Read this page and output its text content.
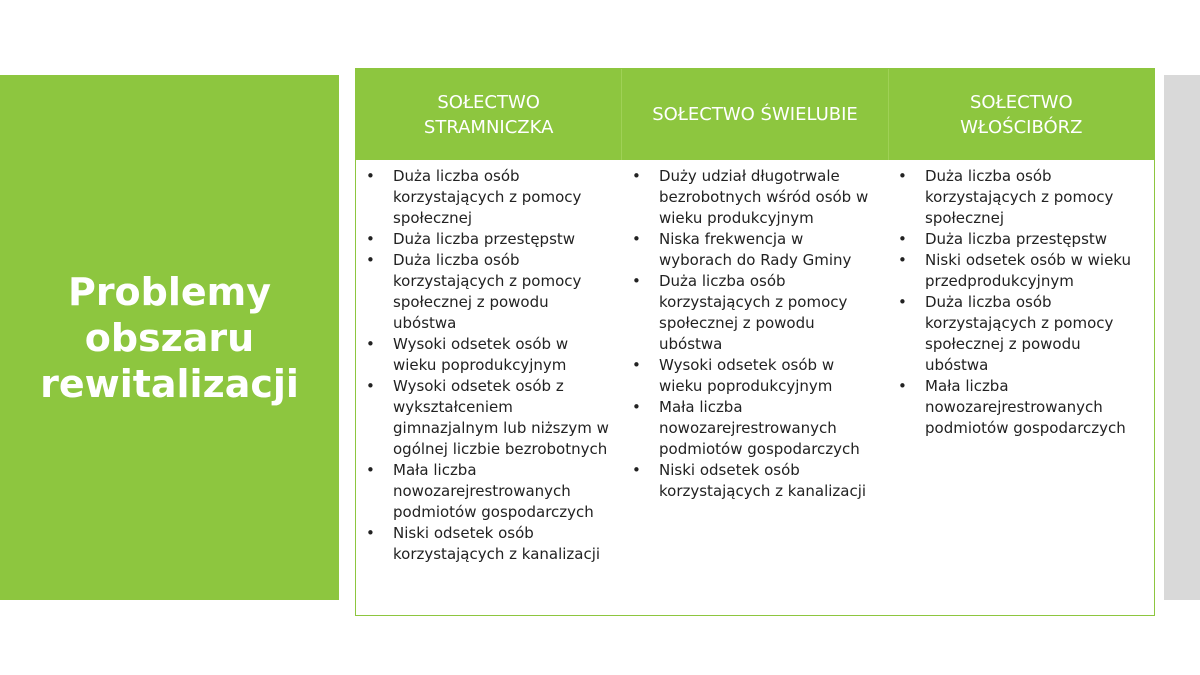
Problemy obszaru rewitalizacji
SOŁECTWO STRAMNICZKA
SOŁECTWO ŚWIELUBIE
SOŁECTWO WŁOŚCIBÓRZ
• Duża liczba osób korzystających z pomocy społecznej
• Duża liczba przestępstw
• Duża liczba osób korzystających z pomocy społecznej z powodu ubóstwa
• Wysoki odsetek osób w wieku poprodukcyjnym
• Wysoki odsetek osób z wykształceniem gimnazjalnym lub niższym w ogólnej liczbie bezrobotnych
• Mała liczba nowozarejrestrowanych podmiotów gospodarczych
• Niski odsetek osób korzystających z kanalizacji
• Duży udział długotrwale bezrobotnych wśród osób w wieku produkcyjnym
• Niska frekwencja w wyborach do Rady Gminy
• Duża liczba osób korzystających z pomocy społecznej z powodu ubóstwa
• Wysoki odsetek osób w wieku poprodukcyjnym
• Mała liczba nowozarejrestrowanych podmiotów gospodarczych
• Niski odsetek osób korzystających z kanalizacji
• Duża liczba osób korzystających z pomocy społecznej
• Duża liczba przestępstw
• Niski odsetek osób w wieku przedprodukcyjnym
• Duża liczba osób korzystających z pomocy społecznej z powodu ubóstwa
• Mała liczba nowozarejrestrowanych podmiotów gospodarczych
